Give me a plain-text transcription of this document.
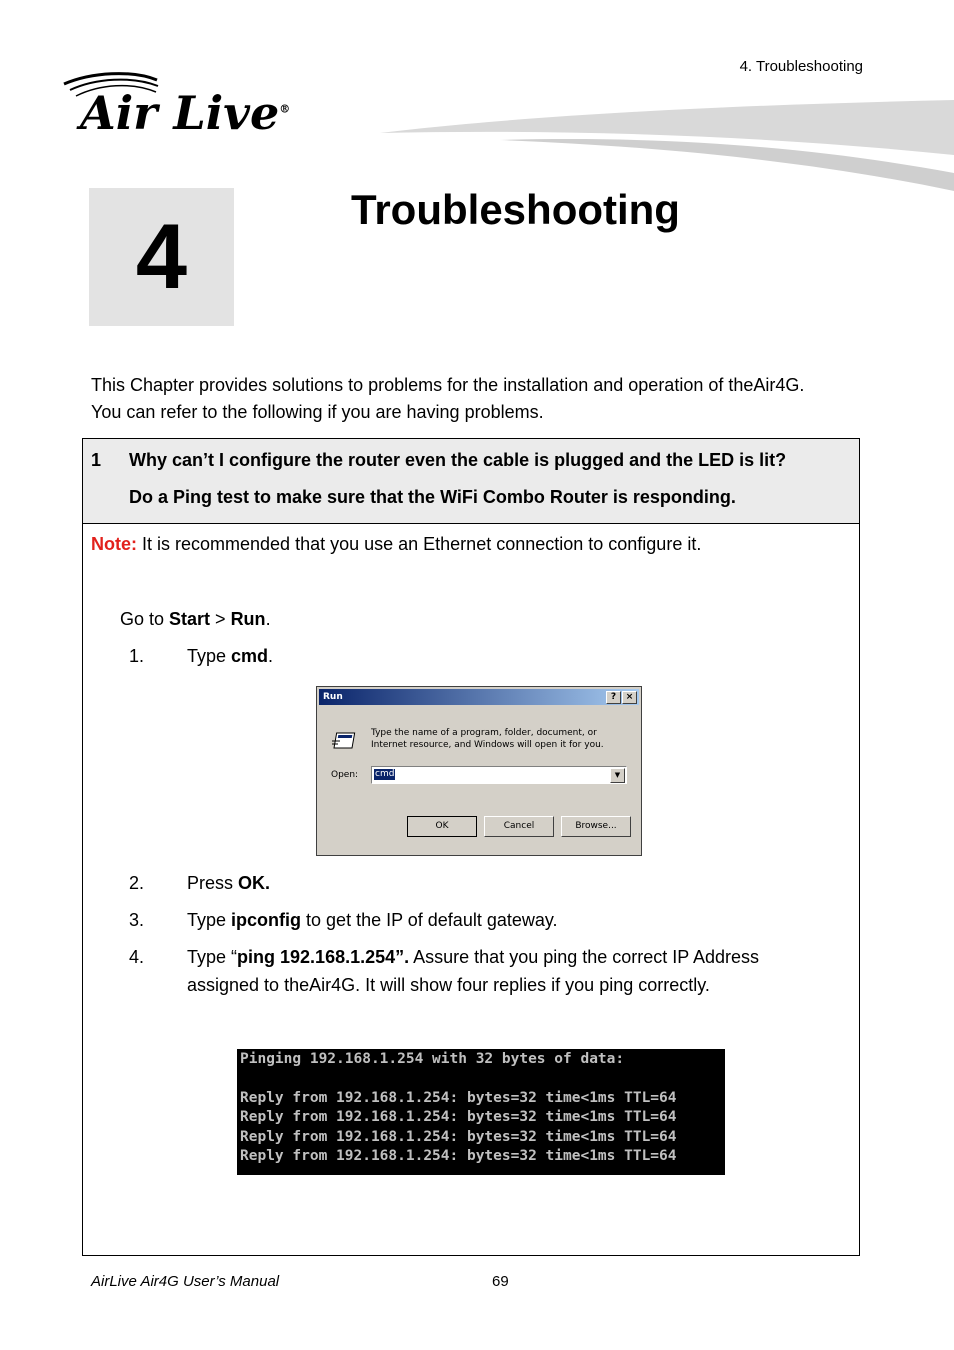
4. Troubleshooting
Air Live®
4	Troubleshooting
This Chapter provides solutions to problems for the installation and operation of theAir4G.
You can refer to the following if you are having problems.
1 Why can’t I configure the router even the cable is plugged and the LED is lit?
Do a Ping test to make sure that the WiFi Combo Router is responding.
Note: It is recommended that you use an Ethernet connection to configure it.
Go to Start > Run.
1. Type cmd.
Run	?	×
Type the name of a program, folder, document, or Internet resource, and Windows will open it for you.
Open: cmd	▼
OK	Cancel	Browse...
2. Press OK.
3. Type ipconfig to get the IP of default gateway.
4. Type “ping 192.168.1.254”. Assure that you ping the correct IP Address assigned to theAir4G. It will show four replies if you ping correctly.
Pinging 192.168.1.254 with 32 bytes of data:
Reply from 192.168.1.254: bytes=32 time<1ms TTL=64
Reply from 192.168.1.254: bytes=32 time<1ms TTL=64
Reply from 192.168.1.254: bytes=32 time<1ms TTL=64
Reply from 192.168.1.254: bytes=32 time<1ms TTL=64
AirLive Air4G User’s Manual	69
